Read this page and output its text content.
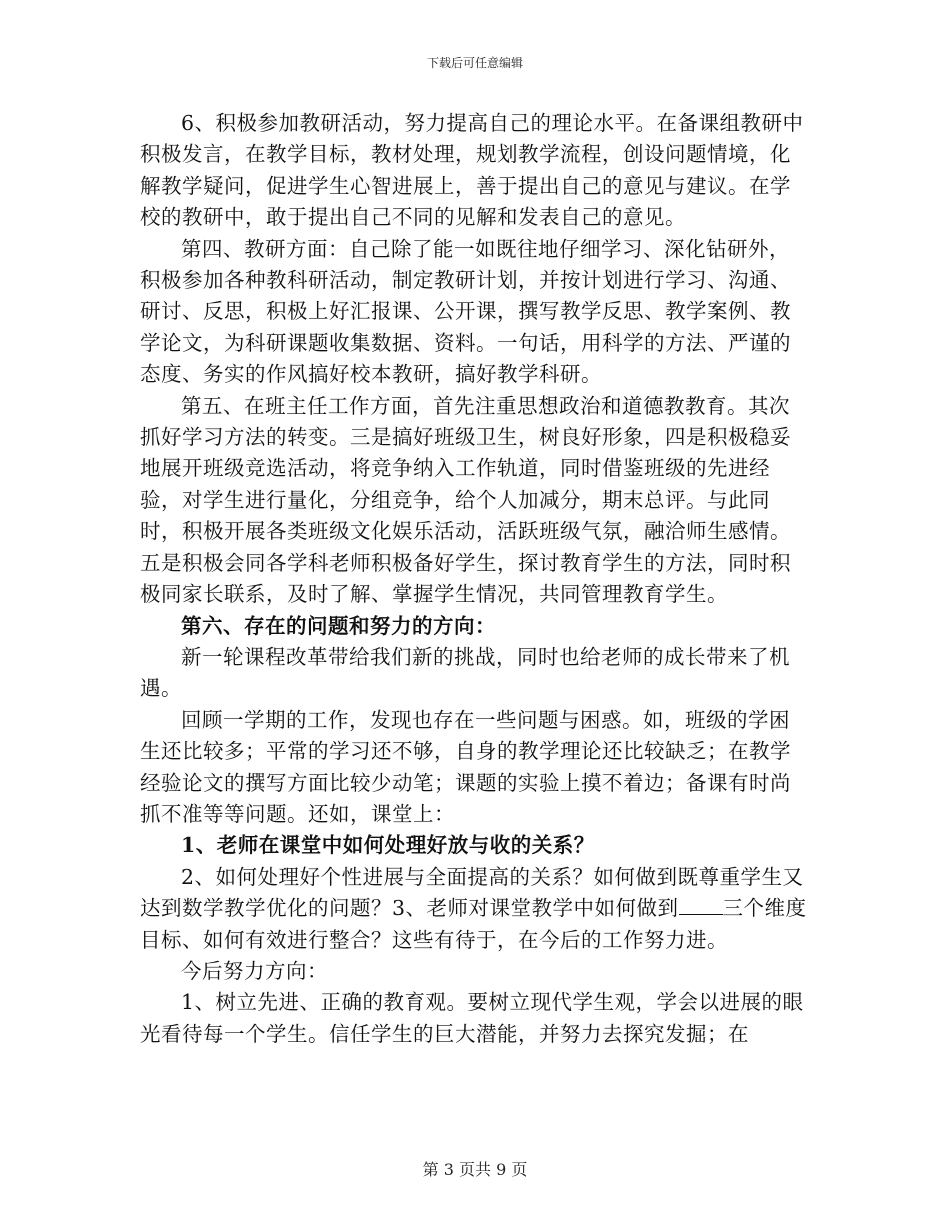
下载后可任意编辑

6、积极参加教研活动，努力提高自己的理论水平。在备课组教研中积极发言，在教学目标，教材处理，规划教学流程，创设问题情境，化解教学疑问，促进学生心智进展上，善于提出自己的意见与建议。在学校的教研中，敢于提出自己不同的见解和发表自己的意见。

第四、教研方面：自己除了能一如既往地仔细学习、深化钻研外，积极参加各种教科研活动，制定教研计划，并按计划进行学习、沟通、研讨、反思，积极上好汇报课、公开课，撰写教学反思、教学案例、教学论文，为科研课题收集数据、资料。一句话，用科学的方法、严谨的态度、务实的作风搞好校本教研，搞好教学科研。

第五、在班主任工作方面，首先注重思想政治和道德教教育。其次抓好学习方法的转变。三是搞好班级卫生，树良好形象，四是积极稳妥地展开班级竞选活动，将竞争纳入工作轨道，同时借鉴班级的先进经验，对学生进行量化，分组竞争，给个人加减分，期末总评。与此同时，积极开展各类班级文化娱乐活动，活跃班级气氛，融洽师生感情。五是积极会同各学科老师积极备好学生，探讨教育学生的方法，同时积极同家长联系，及时了解、掌握学生情况，共同管理教育学生。

第六、存在的问题和努力的方向：

新一轮课程改革带给我们新的挑战，同时也给老师的成长带来了机遇。

回顾一学期的工作，发现也存在一些问题与困惑。如，班级的学困生还比较多；平常的学习还不够，自身的教学理论还比较缺乏；在教学经验论文的撰写方面比较少动笔；课题的实验上摸不着边；备课有时尚抓不准等等问题。还如，课堂上：

1、老师在课堂中如何处理好放与收的关系？

2、如何处理好个性进展与全面提高的关系？如何做到既尊重学生又达到数学教学优化的问题？3、老师对课堂教学中如何做到 三个维度目标、如何有效进行整合？这些有待于，在今后的工作努力进。

今后努力方向：

1、树立先进、正确的教育观。要树立现代学生观，学会以进展的眼光看待每一个学生。信任学生的巨大潜能，并努力去探究发掘；在

第 3 页共 9 页
